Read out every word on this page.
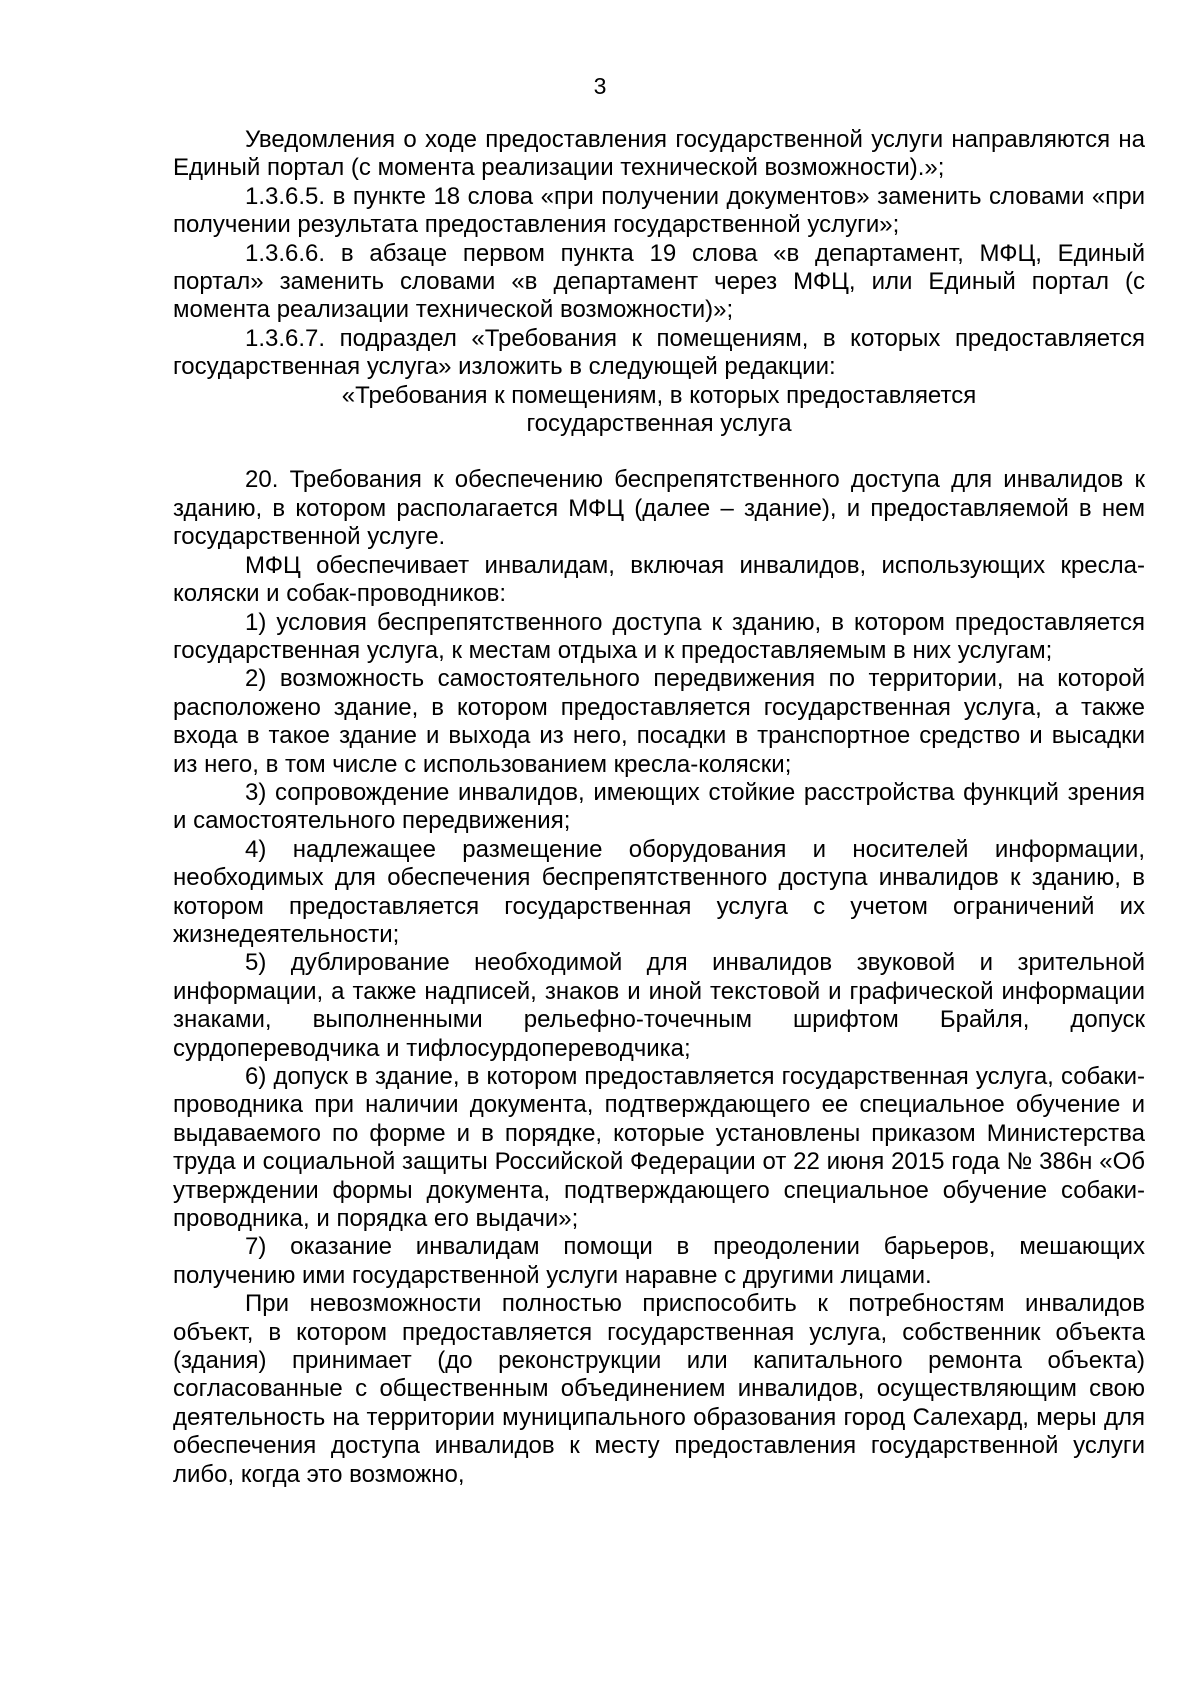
3

Уведомления о ходе предоставления государственной услуги направляются на Единый портал (с момента реализации технической возможности).»;

1.3.6.5. в пункте 18 слова «при получении документов» заменить словами «при получении результата предоставления государственной услуги»;

1.3.6.6. в абзаце первом пункта 19 слова «в департамент, МФЦ, Единый портал» заменить словами «в департамент через МФЦ, или Единый портал (с момента реализации технической возможности)»;

1.3.6.7. подраздел «Требования к помещениям, в которых предоставляется государственная услуга» изложить в следующей редакции:

«Требования к помещениям, в которых предоставляется государственная услуга

20. Требования к обеспечению беспрепятственного доступа для инвалидов к зданию, в котором располагается МФЦ (далее – здание), и предоставляемой в нем государственной услуге.

МФЦ обеспечивает инвалидам, включая инвалидов, использующих кресла-коляски и собак-проводников:

1) условия беспрепятственного доступа к зданию, в котором предоставляется государственная услуга, к местам отдыха и к предоставляемым в них услугам;

2) возможность самостоятельного передвижения по территории, на которой расположено здание, в котором предоставляется государственная услуга, а также входа в такое здание и выхода из него, посадки в транспортное средство и высадки из него, в том числе с использованием кресла-коляски;

3) сопровождение инвалидов, имеющих стойкие расстройства функций зрения и самостоятельного передвижения;

4) надлежащее размещение оборудования и носителей информации, необходимых для обеспечения беспрепятственного доступа инвалидов к зданию, в котором предоставляется государственная услуга с учетом ограничений их жизнедеятельности;

5) дублирование необходимой для инвалидов звуковой и зрительной информации, а также надписей, знаков и иной текстовой и графической информации знаками, выполненными рельефно-точечным шрифтом Брайля, допуск сурдопереводчика и тифлосурдопереводчика;

6) допуск в здание, в котором предоставляется государственная услуга, собаки-проводника при наличии документа, подтверждающего ее специальное обучение и выдаваемого по форме и в порядке, которые установлены приказом Министерства труда и социальной защиты Российской Федерации от 22 июня 2015 года № 386н «Об утверждении формы документа, подтверждающего специальное обучение собаки-проводника, и порядка его выдачи»;

7) оказание инвалидам помощи в преодолении барьеров, мешающих получению ими государственной услуги наравне с другими лицами.

При невозможности полностью приспособить к потребностям инвалидов объект, в котором предоставляется государственная услуга, собственник объекта (здания) принимает (до реконструкции или капитального ремонта объекта) согласованные с общественным объединением инвалидов, осуществляющим свою деятельность на территории муниципального образования город Салехард, меры для обеспечения доступа инвалидов к месту предоставления государственной услуги либо, когда это возможно,
